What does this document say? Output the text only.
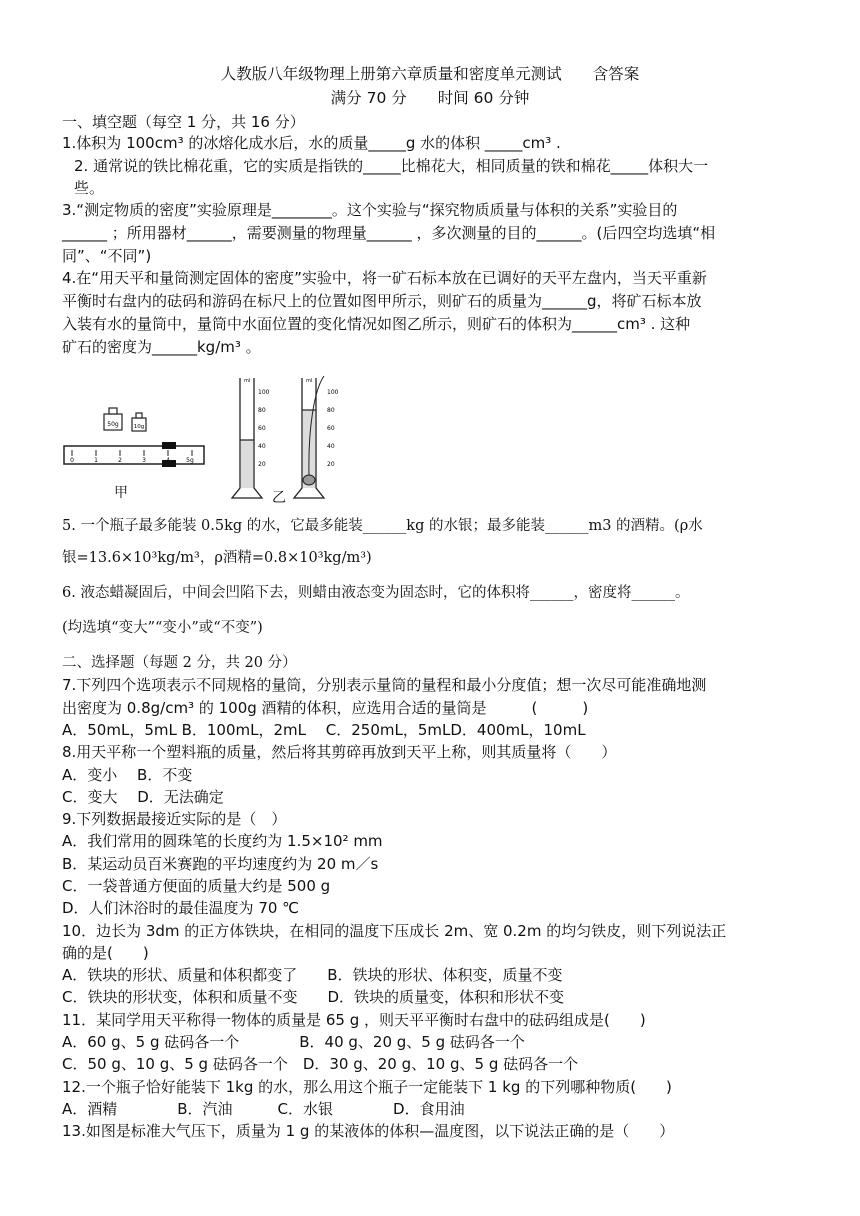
人教版八年级物理上册第六章质量和密度单元测试　　含答案
满分 70 分　　时间 60 分钟
一、填空题（每空 1 分，共 16 分）
1.体积为 100cm³ 的冰熔化成水后，水的质量_____g 水的体积 _____cm³ .
2. 通常说的铁比棉花重，它的实质是指铁的_____比棉花大，相同质量的铁和棉花_____体积大一
些。
3.“测定物质的密度”实验原理是________。这个实验与“探究物质质量与体积的关系”实验目的
______ ；所用器材______，需要测量的物理量______ ，多次测量的目的______。(后四空均选填“相
同”、“不同”)
4.在“用天平和量筒测定固体的密度”实验中，将一矿石标本放在已调好的天平左盘内，当天平重新
平衡时右盘内的砝码和游码在标尺上的位置如图甲所示，则矿石的质量为______g，将矿石标本放
入装有水的量筒中，量筒中水面位置的变化情况如图乙所示，则矿石的体积为______cm³ . 这种
矿石的密度为______kg/m³ 。
50g	10g
0	1	2	3	5g
ml
100
80
60
40
20
ml
100
80
60
40
20
甲	乙
5. 一个瓶子最多能装 0.5kg 的水，它最多能装______kg 的水银；最多能装______m3 的酒精。(ρ水
银=13.6×10³kg/m³，ρ酒精=0.8×10³kg/m³)
6. 液态蜡凝固后，中间会凹陷下去，则蜡由液态变为固态时，它的体积将______，密度将______。
(均选填“变大”“变小”或“不变”)
二、选择题（每题 2 分，共 20 分）
7.下列四个选项表示不同规格的量筒，分别表示量筒的量程和最小分度值；想一次尽可能准确地测
出密度为 0.8g/cm³ 的 100g 酒精的体积，应选用合适的量筒是　　　(　　　)
A．50mL，5mL B．100mL，2mL　 C．250mL，5mLD．400mL，10mL
8.用天平称一个塑料瓶的质量，然后将其剪碎再放到天平上称，则其质量将（　　）
A．变小　 B．不变
C．变大　 D．无法确定
9.下列数据最接近实际的是（　）
A．我们常用的圆珠笔的长度约为 1.5×10² mm
B．某运动员百米赛跑的平均速度约为 20 m／s
C．一袋普通方便面的质量大约是 500 g
D．人们沐浴时的最佳温度为 70 ℃
10．边长为 3dm 的正方体铁块，在相同的温度下压成长 2m、宽 0.2m 的均匀铁皮，则下列说法正
确的是(　　)
A．铁块的形状、质量和体积都变了　　B．铁块的形状、体积变，质量不变
C．铁块的形状变，体积和质量不变　　D．铁块的质量变，体积和形状不变
11．某同学用天平称得一物体的质量是 65 g ，则天平平衡时右盘中的砝码组成是(　　)
A．60 g、5 g 砝码各一个　　　　B．40 g、20 g、5 g 砝码各一个
C．50 g、10 g、5 g 砝码各一个　D．30 g、20 g、10 g、5 g 砝码各一个
12.一个瓶子恰好能装下 1kg 的水，那么用这个瓶子一定能装下 1 kg 的下列哪种物质(　　)
A．酒精　　　　B．汽油　　　C．水银　　　　D．食用油
13.如图是标准大气压下，质量为 1 g 的某液体的体积—温度图，以下说法正确的是（　　）
